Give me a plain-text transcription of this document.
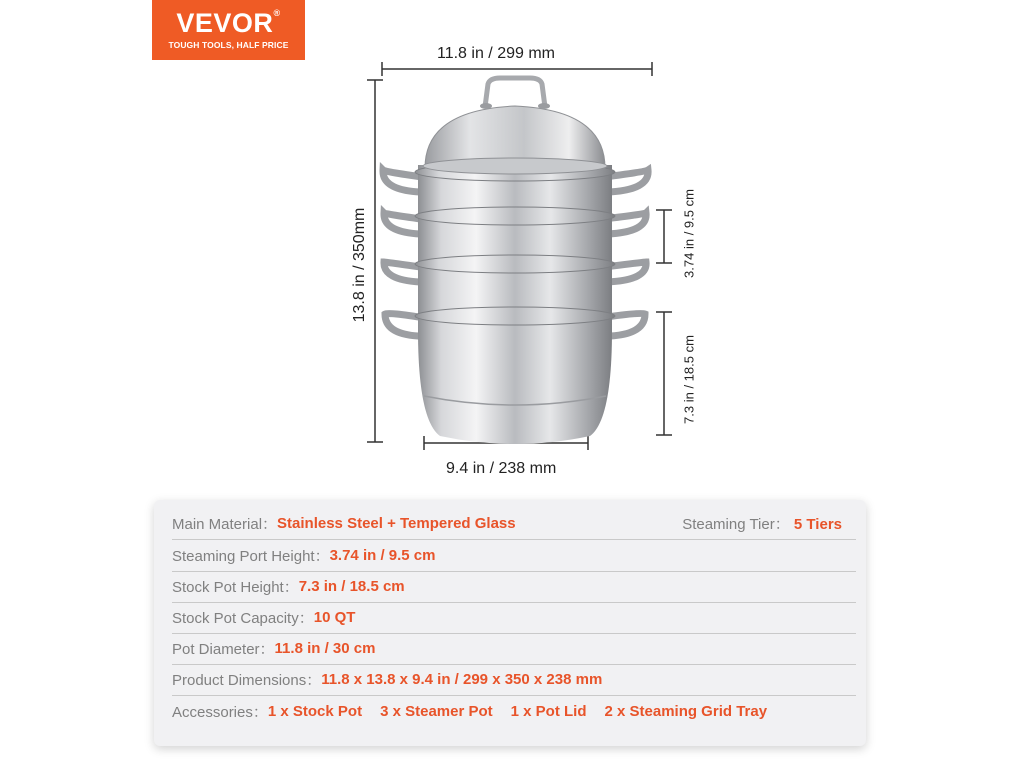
VEVOR®
TOUGH TOOLS, HALF PRICE	11.8 in / 299 mm
9.4 in / 238 mm
13.8 in / 350mm	3.74 in / 9.5 cm
7.3 in / 18.5 cm
Main Material： Stainless Steel + Tempered Glass	Steaming Tier： 5 Tiers
Steaming Port Height： 3.74 in / 9.5 cm
Stock Pot Height： 7.3 in / 18.5 cm
Stock Pot Capacity： 10 QT
Pot Diameter： 11.8 in / 30 cm
Product Dimensions： 11.8 x 13.8 x 9.4 in / 299 x 350 x 238 mm
Accessories： 1 x Stock Pot 3 x Steamer Pot 1 x Pot Lid 2 x Steaming Grid Tray
